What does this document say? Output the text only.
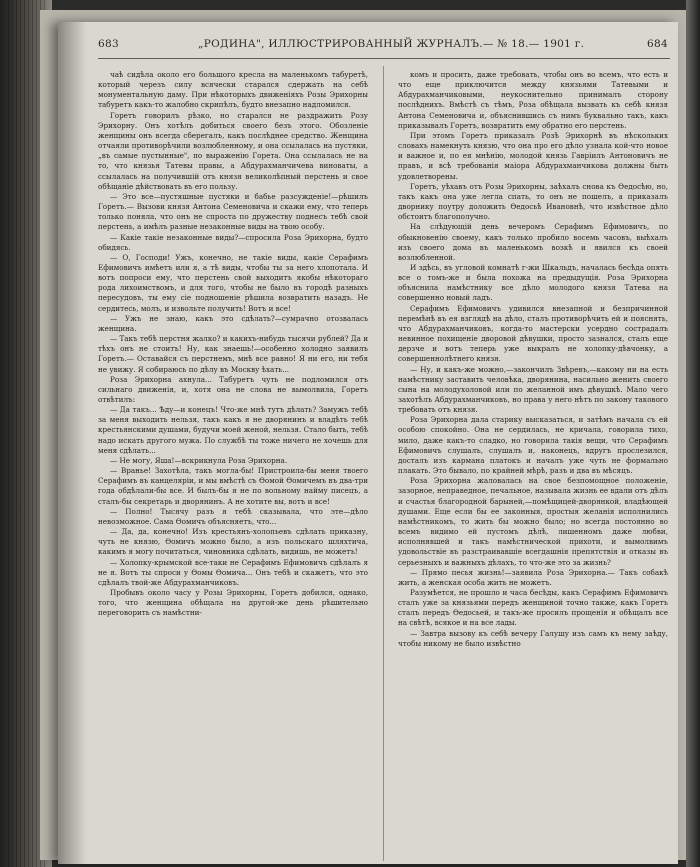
683	„РОДИНА", ИЛЛЮСТРИРОВАННЫЙ ЖУРНАЛЪ.— № 18.— 1901 г.	684

чаѣ сидѣла около его большого кресла на маленькомъ табуретѣ, который черезъ силу всячески старался сдержать на себѣ монументальную даму. При нѣкоторыхъ движеніяхъ Розы Эрихорны табуретъ какъ-то жалобно скрипѣлъ, будто внезапно надломился.

Горетъ говорилъ рѣзко, но старался не раздражить Розу Эрихорну. Онъ хотѣлъ добиться своего безъ этого. Обозленіе женщины онъ всегда сберегалъ, какъ послѣднее средство. Женщина отчаяли противорѣчили возлюбленному, и она ссылалась на пустяки, „въ самые пустынные", по выраженію Горета. Она ссылалась не на то, что князья Татевы правы, а Абдурахманчичева виноваты, а ссылалась на получившій отъ князя великолѣпный перстень и свое обѣщаніе дѣйствовать въ его пользу.

— Это все—пустяшные пустяки и бабье разсужденіе!—рѣшилъ Горетъ.— Вызови князя Антона Семеновича и скажи ему, что теперь только поняла, что онъ не спроста по дружеству поднесъ тебѣ свой перстень, а имѣлъ разные незаконные виды на твою особу.

— Какіе такіе незаконные виды?—спросила Роза Эрихорна, будто обидясь.

— О, Господи! Ужъ, конечно, не такіе виды, какіе Серафимъ Ефимовичъ имѣетъ или я, а тѣ виды, чтобы ты за него хлопотала. И вотъ попроси ему, что перстень свой выходитъ якобы нѣкотораго рода лихоимствомъ, и для того, чтобы не было въ городѣ разныхъ пересудовъ, ты ему сіе подношеніе рѣшила возвратить назадъ. Не сердитесь, молъ, и извольте получить! Вотъ и все!

— Ужъ не знаю, какъ это сдѣлать?—сумрачно отозвалась женщина.

— Такъ тебѣ перстня жалко? и какихъ-нибудь тысячи рублей? Да и тѣхъ онъ не стоитъ! Ну, как знаешь!—особенно холодно заявилъ Горетъ.— Оставайся съ перстнемъ, мнѣ все равно! Я ни его, ни тебя не увижу. Я собираюсь по дѣлу въ Москву ѣхать...

Роза Эрихорна ахнула... Табуретъ чуть не подломился отъ сильнаго движенія, и, хотя она не слова не вымолвила, Горетъ отвѣтилъ:

— Да такъ... Ѣду—и конецъ! Что-же мнѣ тутъ дѣлать? Замужъ тебѣ за меня выходить нельзя, такъ какъ я не дворянинъ и владѣть тебѣ крестьянскими душами, будучи моей женой, нельзя. Стало быть, тебѣ надо искать другого мужа. По службѣ ты тоже ничего не хочешь для меня сдѣлать...

— Не могу, Яша!—вскрикнула Роза Эрихорна.

— Вранье! Захотѣла, такъ могла-бы! Пристроила-бы меня твоего Серафимъ въ канцеляріи, и мы вмѣстѣ съ Ѳомой Ѳомичемъ въ два-три года обдѣлали-бы все. И былъ-бы я не по вольному найму писецъ, а сталъ-бы секретарь и дворянинъ. А не хотите вы, вотъ и все!

— Полно! Тысячу разъ я тебѣ сказывала, что эте—дѣло невозможное. Сама Ѳомичъ объясняетъ, что...

— Да, да, конечно! Изъ крестьянъ-холопьевъ сдѣлать приказну, чуть не князю, Ѳомичъ можно было, а изъ польскаго шляхтича, какимъ я могу почитаться, чиновника сдѣлать, видишь, не можетъ!

— Холопку-крымской все-таки не Серафимъ Ефимовичъ сдѣлалъ я не я. Вотъ ты спроси у Ѳомы Ѳомича... Онъ тебѣ и скажетъ, что это сдѣлалъ твой-же Абдурахманчиковъ.

Пробывъ около часу у Розы Эрихорны, Горетъ добился, однако, того, что женщина обѣщала на другой-же день рѣшительно переговорить съ намѣстни-

комъ и просить, даже требовать, чтобы онъ во всемъ, что есть и что еще приключится между князьями Татевыми и Абдурахманчиковыми, неукоснительно принималъ сторону послѣднихъ. Вмѣстѣ съ тѣмъ, Роза обѣщала вызвать къ себѣ князя Антона Семеновича и, объяснившись съ нимъ буквально такъ, какъ приказывалъ Горетъ, возвратить ему обратно его перстень.

При этомъ Горетъ приказалъ Розѣ Эрихорнѣ въ нѣскольких словахъ намекнуть князю, что она про его дѣло узнала кой-что новое и важное и, по ея мнѣнію, молодой князь Гавріилъ Антоновичъ не правъ, и всѣ требованія маіора Абдурахманчикова должны быть удовлетворены.

Горетъ, уѣхавъ отъ Розы Эрихорны, заѣхалъ снова къ Ѳедосѣю, но, такъ какъ она уже легла спать, то онъ не пошелъ, а приказалъ дворнику поутру доложить Ѳедосьѣ Ивановнѣ, что извѣстное дѣло обстоитъ благополучно.

На слѣдующій день вечеромъ Серафимъ Ефимовичъ, по обыкновенію своему, какъ только пробило восемь часовъ, выѣхалъ изъ своего дома въ маленькомъ возкѣ и явился къ своей возлюбленной.

И здѣсь, въ угловой комнатѣ г-жи Шкальдъ, началась бесѣда опять все о томъ-же и была похожа на предыдущія. Роза Эрихорна объяснила намѣстнику все дѣло молодого князя Татева на совершенно новый ладъ.

Серафимъ Ефимовичъ удивился внезапной и безпричинной перемѣнѣ въ ея взглядѣ на дѣло, сталъ противорѣчить ей и пояснять, что Абдурахманчиковъ, когда-то мастерски усердно сострадалъ невинное похищеніе дворовой дѣвушки, просто зазнался, сталъ еще дерзче и вотъ теперь уже выкралъ не холопку-дѣвчонку, а совершеннолѣтнего князя.

— Ну, и какъ-же можно,—закончилъ Звѣревъ,—какому ни на есть намѣстнику заставить человѣка, дворянина, насильно женить своего сына на молодухоловой или по желанной имъ дѣвушкѣ. Мало чего захотѣлъ Абдурахманчиковъ, но права у него нѣтъ по закону такового требовать отъ князя.

Роза Эрихорна дала старику высказаться, и затѣмъ начала съ ей особою спокойно. Она не сердилась, не кричала, говорила тихо, мило, даже какъ-то сладко, но говорила такія вещи, что Серафимъ Ефимовичъ слушалъ, слушалъ и, наконецъ, вдругъ прослезился, досталъ изъ кармана платокъ и началъ уже чуть не формально плакать. Это бывало, по крайней мѣрѣ, разъ и два въ мѣсяцъ.

Роза Эрихорна жаловалась на свое безпомощное положеніе, зазорное, неправедное, печальное, называла жизнь ее вдали отъ дѣлъ и счастья благородной барыней,—помѣщицей-дворянкой, владѣющей душами. Еще если бы ее законныя, простыя желанія исполнились намѣстникомъ, то жить бы можно было; но всегда постоянно во всемъ видимо ей пустомъ дѣлѣ, лишенномъ даже любви, исполнявшей и такъ намѣстнической прихоти, и вымолвимъ удовольствіе въ разстраивавшіе всегдашнія препятствія и отказы въ серьезныхъ и важныхъ дѣлахъ, то что-же это за жизнь?

— Прямо песья жизнь!—заявила Роза Эрихорна.— Такъ собакѣ жить, а женская особа жить не можетъ.

Разумѣется, не прошло и часа бесѣды, какъ Серафимъ Ефимовичъ сталъ уже за князьями передъ женщиной точно также, какъ Горетъ сталъ передъ Ѳедосьей, и такъ-же просилъ прощенія и обѣщалъ все на свѣтѣ, всякое и на все лады.

— Завтра вызову къ себѣ вечеру Галушу изъ самъ къ нему заѣду, чтобы никому не было извѣстно
